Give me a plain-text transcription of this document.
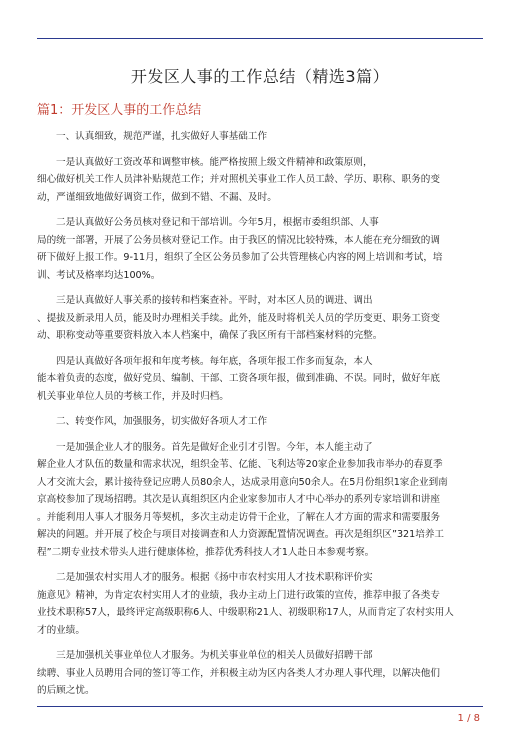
开发区人事的工作总结（精选3篇）
篇1：开发区人事的工作总结

一、认真细致，规范严谨，扎实做好人事基础工作

一是认真做好工资改革和调整审核。能严格按照上级文件精神和政策原则，
细心做好机关工作人员津补贴规范工作；并对照机关事业工作人员工龄、学历、职称、职务的变
动，严谨细致地做好调资工作，做到不错、不漏、及时。

二是认真做好公务员核对登记和干部培训。今年5月，根据市委组织部、人事
局的统一部署，开展了公务员核对登记工作。由于我区的情况比较特殊，本人能在充分细致的调
研下做好上报工作。9-11月，组织了全区公务员参加了公共管理核心内容的网上培训和考试，培
训、考试及格率均达100%。

三是认真做好人事关系的接转和档案查补。平时，对本区人员的调进、调出
、提拔及新录用人员，能及时办理相关手续。此外，能及时将机关人员的学历变更、职务工资变
动、职称变动等重要资料放入本人档案中，确保了我区所有干部档案材料的完整。

四是认真做好各项年报和年度考核。每年底，各项年报工作多而复杂，本人
能本着负责的态度，做好党员、编制、干部、工资各项年报，做到准确、不误。同时，做好年底
机关事业单位人员的考核工作，并及时归档。

二、转变作风，加强服务，切实做好各项人才工作

一是加强企业人才的服务。首先是做好企业引才引智。今年，本人能主动了
解企业人才队伍的数量和需求状况，组织金苇、亿能、飞利达等20家企业参加我市举办的春夏季
人才交流大会，累计接待登记应聘人员80余人，达成录用意向50余人。在5月份组织1家企业到南
京高校参加了现场招聘。其次是认真组织区内企业家参加市人才中心举办的系列专家培训和讲座
。并能利用人事人才服务月等契机，多次主动走访骨干企业，了解在人才方面的需求和需要服务
解决的问题。并开展了校企与项目对接调查和人力资源配置情况调查。再次是组织区”321培养工
程”二期专业技术带头人进行健康体检，推荐优秀科技人才1人赴日本参观考察。

二是加强农村实用人才的服务。根据《扬中市农村实用人才技术职称评价实
施意见》精神，为肯定农村实用人才的业绩，我办主动上门进行政策的宣传，推荐申报了各类专
业技术职称57人，最终评定高级职称6人、中级职称21人、初级职称17人，从而肯定了农村实用人
才的业绩。

三是加强机关事业单位人才服务。为机关事业单位的相关人员做好招聘干部
续聘、事业人员聘用合同的签订等工作，并积极主动为区内各类人才办理人事代理，以解决他们
的后顾之忧。

1 / 8
